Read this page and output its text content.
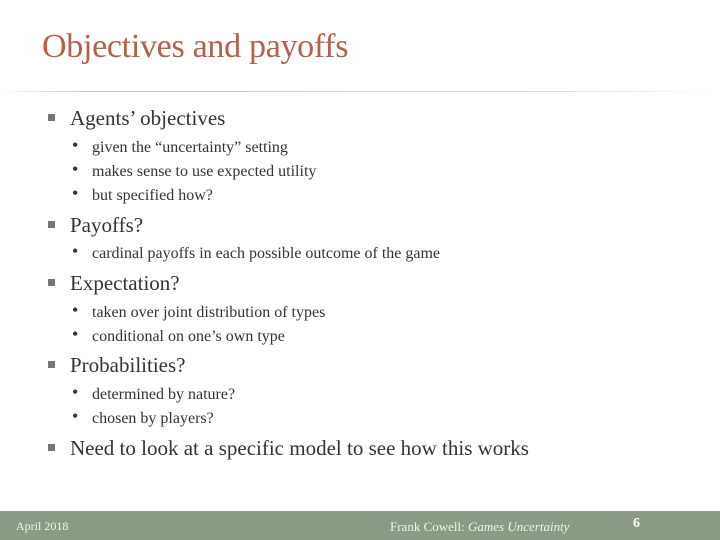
Objectives and payoffs
Agents’ objectives
• given the “uncertainty” setting
• makes sense to use expected utility
• but specified how?
Payoffs?
• cardinal payoffs in each possible outcome of the game
Expectation?
• taken over joint distribution of types
• conditional on one’s own type
Probabilities?
• determined by nature?
• chosen by players?
Need to look at a specific model to see how this works
April 2018	Frank Cowell: Games Uncertainty	6
